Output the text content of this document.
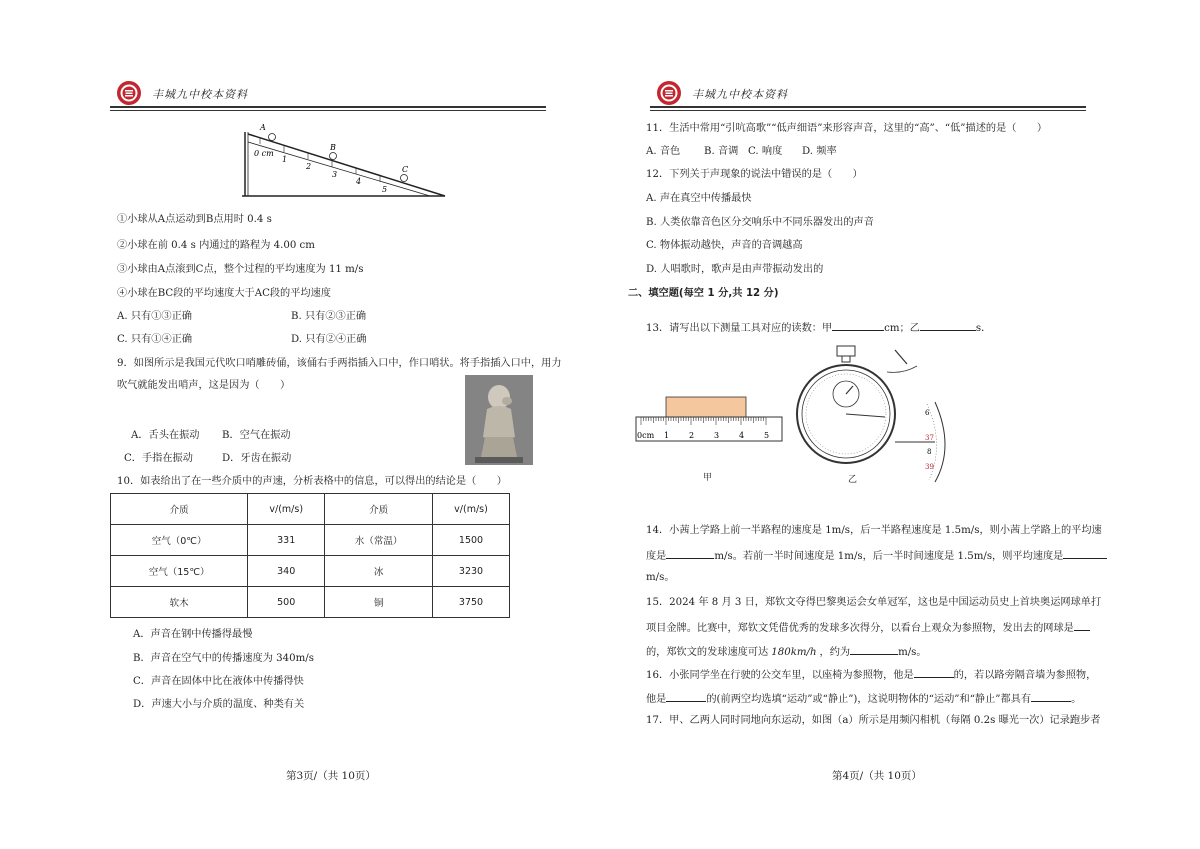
丰城九中校本资料
A
B
C
0 cm
1
2
3
4
5
①小球从A点运动到B点用时 0.4 s
②小球在前 0.4 s 内通过的路程为 4.00 cm
③小球由A点滚到C点，整个过程的平均速度为 11 m/s
④小球在BC段的平均速度大于AC段的平均速度
A. 只有①③正确	B. 只有②③正确
C. 只有①④正确	D. 只有②④正确
9．如图所示是我国元代吹口哨雕砖俑，该俑右手两指插入口中，作口哨状。将手指插入口中，用力
吹气就能发出哨声，这是因为（　　）
A．舌头在振动 B．空气在振动
C．手指在振动	D．牙齿在振动
10．如表给出了在一些介质中的声速，分析表格中的信息，可以得出的结论是（　　）
介质	v/(m/s)	介质	v/(m/s)
空气（0℃）	331	水（常温）	1500
空气（15℃）	340	冰	3230
软木	500	铜	3750
A．声音在钢中传播得最慢
B．声音在空气中的传播速度为 340m/s
C．声音在固体中比在液体中传播得快
D．声速大小与介质的温度、种类有关
第3页/（共 10页）
丰城九中校本资料
11．生活中常用“引吭高歌”“低声细语”来形容声音，这里的“高”、“低”描述的是（　　）
A. 音色 B. 音调 C. 响度 D. 频率
12．下列关于声现象的说法中错误的是（　　）
A. 声在真空中传播最快
B. 人类依靠音色区分交响乐中不同乐器发出的声音
C. 物体振动越快，声音的音调越高
D. 人唱歌时，歌声是由声带振动发出的
二、填空题(每空 1 分,共 12 分)
13．请写出以下测量工具对应的读数：甲	cm；乙	s．
0cm 1 2 3 4 5
甲
6
37
8
39
乙
14．小茜上学路上前一半路程的速度是 1m/s，后一半路程速度是 1.5m/s，则小茜上学路上的平均速
度是	m/s。若前一半时间速度是 1m/s，后一半时间速度是 1.5m/s，则平均速度是
m/s。
15．2024 年 8 月 3 日，郑钦文夺得巴黎奥运会女单冠军，这也是中国运动员史上首块奥运网球单打
项目金牌。比赛中，郑钦文凭借优秀的发球多次得分，以看台上观众为参照物，发出去的网球是
的，郑钦文的发球速度可达 180km/h ，约为	m/s。
16．小张同学坐在行驶的公交车里，以座椅为参照物，他是	的，若以路旁隔音墙为参照物，
他是	的(前两空均选填“运动”或“静止”)，这说明物体的“运动”和“静止”都具有	。
17．甲、乙两人同时同地向东运动，如图（a）所示是用频闪相机（每隔 0.2s 曝光一次）记录跑步者
第4页/（共 10页）
